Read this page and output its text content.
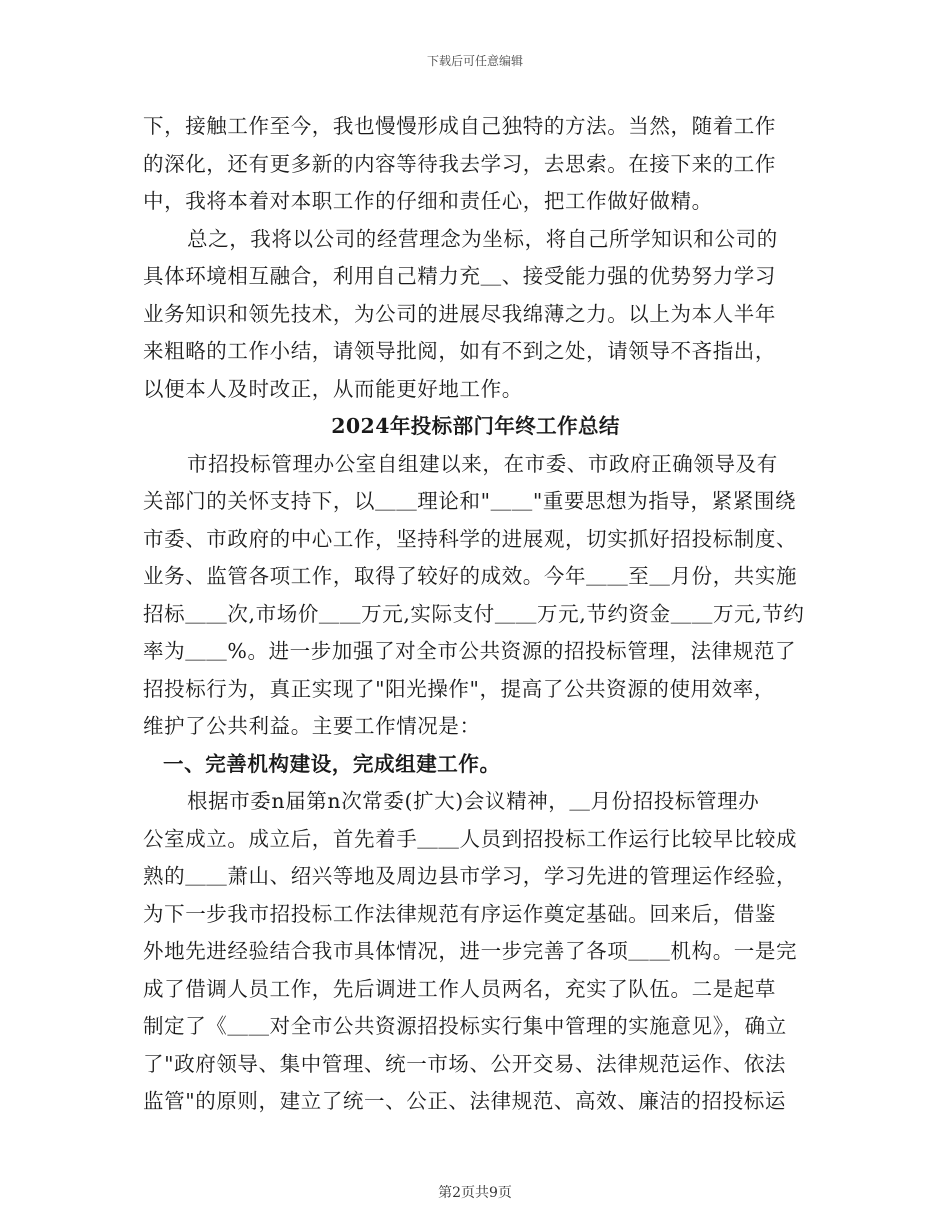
下载后可任意编辑
下，接触工作至今，我也慢慢形成自己独特的方法。当然，随着工作
的深化，还有更多新的内容等待我去学习，去思索。在接下来的工作
中，我将本着对本职工作的仔细和责任心，把工作做好做精。
总之，我将以公司的经营理念为坐标，将自己所学知识和公司的
具体环境相互融合，利用自己精力充＿、接受能力强的优势努力学习
业务知识和领先技术，为公司的进展尽我绵薄之力。以上为本人半年
来粗略的工作小结，请领导批阅，如有不到之处，请领导不吝指出，
以便本人及时改正，从而能更好地工作。
2024年投标部门年终工作总结
市招投标管理办公室自组建以来，在市委、市政府正确领导及有
关部门的关怀支持下，以＿＿理论和"＿＿"重要思想为指导，紧紧围绕
市委、市政府的中心工作，坚持科学的进展观，切实抓好招投标制度、
业务、监管各项工作，取得了较好的成效。今年＿＿至＿月份，共实施
招标＿＿次,市场价＿＿万元,实际支付＿＿万元,节约资金＿＿万元,节约
率为＿＿%。进一步加强了对全市公共资源的招投标管理，法律规范了
招投标行为，真正实现了"阳光操作"，提高了公共资源的使用效率，
维护了公共利益。主要工作情况是：
一、完善机构建设，完成组建工作。
根据市委n届第n次常委(扩大)会议精神，＿月份招投标管理办
公室成立。成立后，首先着手＿＿人员到招投标工作运行比较早比较成
熟的＿＿萧山、绍兴等地及周边县市学习，学习先进的管理运作经验，
为下一步我市招投标工作法律规范有序运作奠定基础。回来后，借鉴
外地先进经验结合我市具体情况，进一步完善了各项＿＿机构。一是完
成了借调人员工作，先后调进工作人员两名，充实了队伍。二是起草
制定了《＿＿对全市公共资源招投标实行集中管理的实施意见》，确立
了"政府领导、集中管理、统一市场、公开交易、法律规范运作、依法
监管"的原则，建立了统一、公正、法律规范、高效、廉洁的招投标运
第2页共9页
